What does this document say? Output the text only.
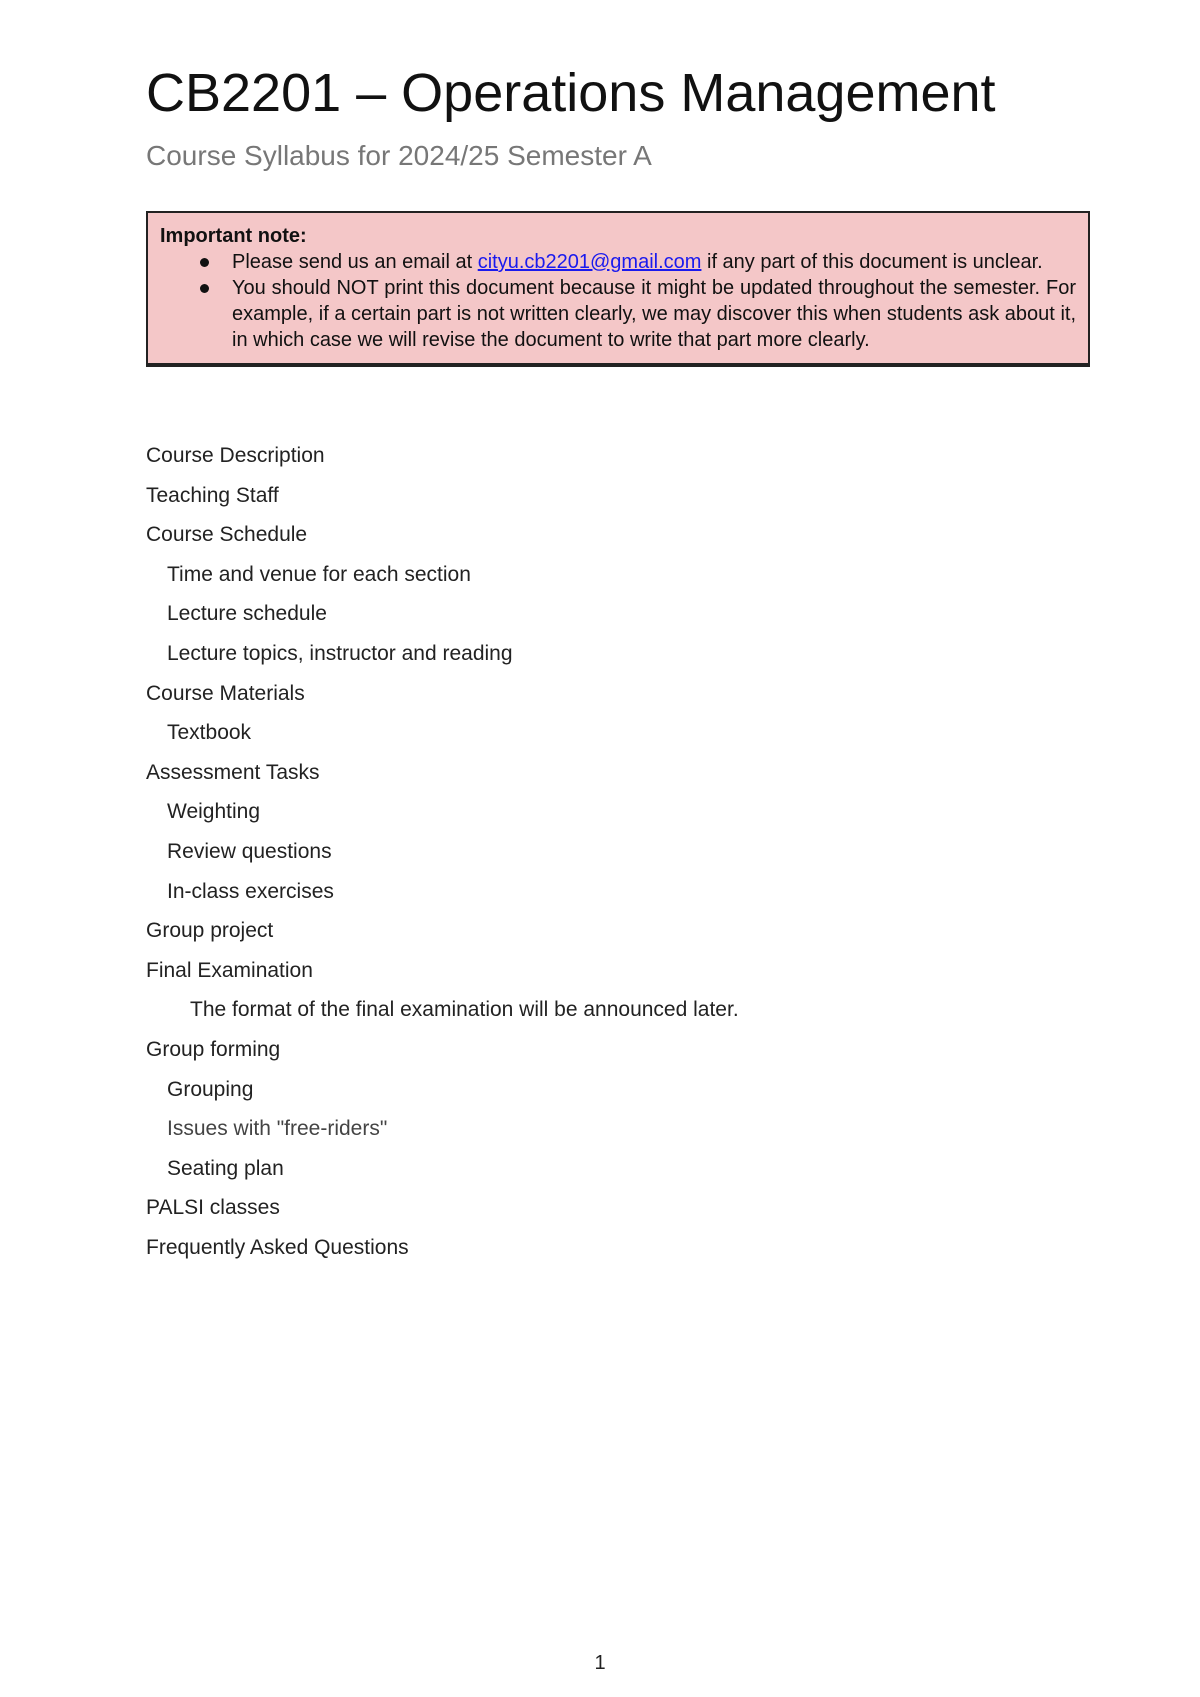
CB2201 – Operations Management
Course Syllabus for 2024/25 Semester A
Important note:
Please send us an email at cityu.cb2201@gmail.com if any part of this document is unclear.
You should NOT print this document because it might be updated throughout the semester. For example, if a certain part is not written clearly, we may discover this when students ask about it, in which case we will revise the document to write that part more clearly.
Course Description
Teaching Staff
Course Schedule
Time and venue for each section
Lecture schedule
Lecture topics, instructor and reading
Course Materials
Textbook
Assessment Tasks
Weighting
Review questions
In-class exercises
Group project
Final Examination
The format of the final examination will be announced later.
Group forming
Grouping
Issues with "free-riders"
Seating plan
PALSI classes
Frequently Asked Questions
1
